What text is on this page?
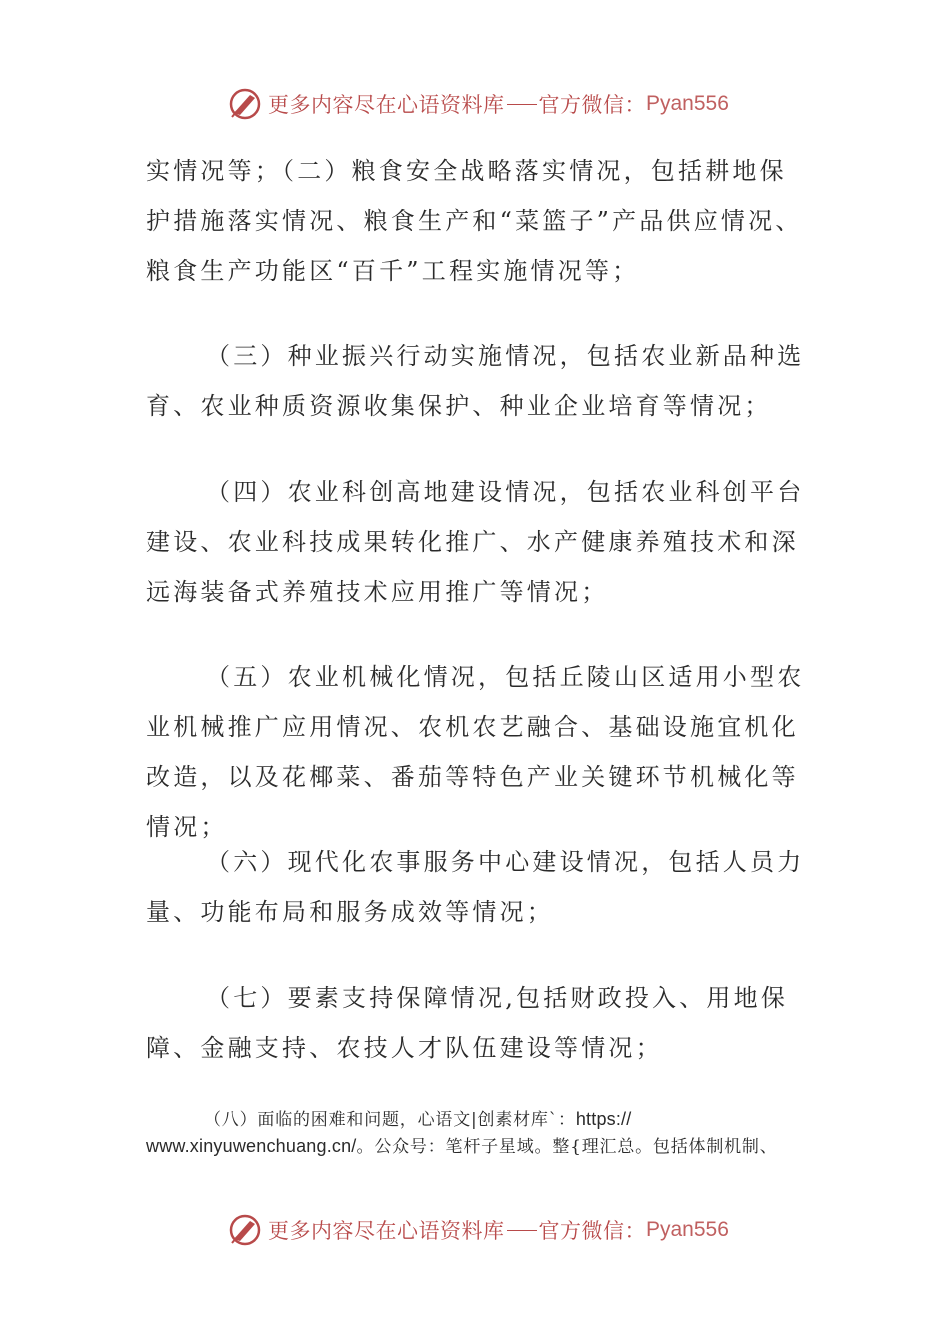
更多内容尽在心语资料库 官方微信： Pyan556
实情况等；（二）粮食安全战略落实情况，包括耕地保护措施落实情况、粮食生产和“菜篮子”产品供应情况、粮食生产功能区“百千”工程实施情况等；
（三）种业振兴行动实施情况，包括农业新品种选育、农业种质资源收集保护、种业企业培育等情况；
（四）农业科创高地建设情况，包括农业科创平台建设、农业科技成果转化推广、水产健康养殖技术和深远海装备式养殖技术应用推广等情况；
（五）农业机械化情况，包括丘陵山区适用小型农业机械推广应用情况、农机农艺融合、基础设施宜机化改造，以及花椰菜、番茄等特色产业关键环节机械化等情况；
（六）现代化农事服务中心建设情况，包括人员力量、功能布局和服务成效等情况；
（七）要素支持保障情况,包括财政投入、用地保障、金融支持、农技人才队伍建设等情况；
（八）面临的困难和问题，心语文|创素材库`：https://
www.xinyuwenchuang.cn/。公众号：笔杆子星域。整{理汇总。包括体制机制、
更多内容尽在心语资料库 官方微信： Pyan556
